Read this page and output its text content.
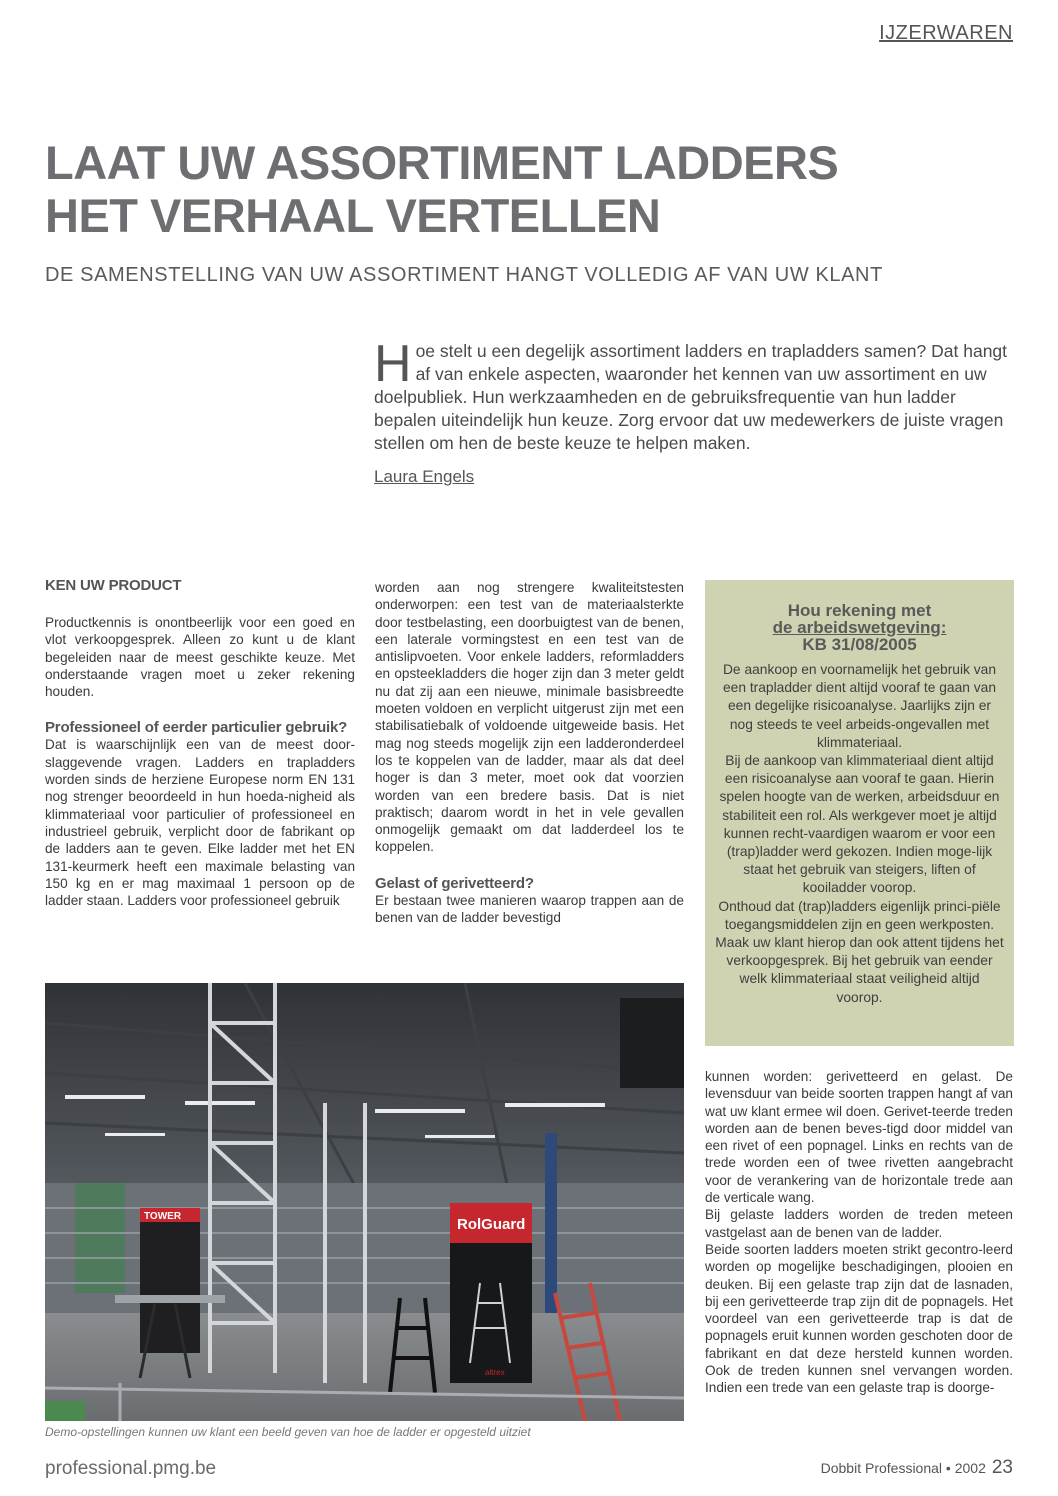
IJZERWAREN
LAAT UW ASSORTIMENT LADDERS
HET VERHAAL VERTELLEN
DE SAMENSTELLING VAN UW ASSORTIMENT HANGT VOLLEDIG AF VAN UW KLANT

Hoe stelt u een degelijk assortiment ladders en trapladders samen? Dat hangt af van enkele aspecten, waaronder het kennen van uw assortiment en uw doelpubliek. Hun werkzaamheden en de gebruiksfrequentie van hun ladder bepalen uiteindelijk hun keuze. Zorg ervoor dat uw medewerkers de juiste vragen stellen om hen de beste keuze te helpen maken.

Laura Engels
KEN UW PRODUCT

Productkennis is onontbeerlijk voor een goed en vlot verkoopgesprek. Alleen zo kunt u de klant begeleiden naar de meest geschikte keuze. Met onderstaande vragen moet u zeker rekening houden.

Professioneel of eerder particulier gebruik?

Dat is waarschijnlijk een van de meest door-slaggevende vragen. Ladders en trapladders worden sinds de herziene Europese norm EN 131 nog strenger beoordeeld in hun hoeda-nigheid als klimmateriaal voor particulier of professioneel en industrieel gebruik, verplicht door de fabrikant op de ladders aan te geven. Elke ladder met het EN 131-keurmerk heeft een maximale belasting van 150 kg en er mag maximaal 1 persoon op de ladder staan. Ladders voor professioneel gebruik

worden aan nog strengere kwaliteitstesten onderworpen: een test van de materiaalsterkte door testbelasting, een doorbuigtest van de benen, een laterale vormingstest en een test van de antislipvoeten. Voor enkele ladders, reformladders en opsteekladders die hoger zijn dan 3 meter geldt nu dat zij aan een nieuwe, minimale basisbreedte moeten voldoen en verplicht uitgerust zijn met een stabilisatiebalk of voldoende uitgeweide basis. Het mag nog steeds mogelijk zijn een ladderonderdeel los te koppelen van de ladder, maar als dat deel hoger is dan 3 meter, moet ook dat voorzien worden van een bredere basis. Dat is niet praktisch; daarom wordt in het in vele gevallen onmogelijk gemaakt om dat ladderdeel los te koppelen.

Gelast of gerivetteerd?

Er bestaan twee manieren waarop trappen aan de benen van de ladder bevestigd

Hou rekening met
de arbeidswetgeving:
KB 31/08/2005

De aankoop en voornamelijk het gebruik van een trapladder dient altijd vooraf te gaan van een degelijke risicoanalyse. Jaarlijks zijn er nog steeds te veel arbeids-ongevallen met klimmateriaal.

Bij de aankoop van klimmateriaal dient altijd een risicoanalyse aan vooraf te gaan. Hierin spelen hoogte van de werken, arbeidsduur en stabiliteit een rol. Als werkgever moet je altijd kunnen recht-vaardigen waarom er voor een (trap)ladder werd gekozen. Indien moge-lijk staat het gebruik van steigers, liften of kooiladder voorop.

Onthoud dat (trap)ladders eigenlijk princi-piële toegangsmiddelen zijn en geen werkposten. Maak uw klant hierop dan ook attent tijdens het verkoopgesprek. Bij het gebruik van eender welk klimmateriaal staat veiligheid altijd voorop.

TOWER	RolGuard
altrex
Demo-opstellingen kunnen uw klant een beeld geven van hoe de ladder er opgesteld uitziet

kunnen worden: gerivetteerd en gelast. De levensduur van beide soorten trappen hangt af van wat uw klant ermee wil doen. Gerivet-teerde treden worden aan de benen beves-tigd door middel van een rivet of een popnagel. Links en rechts van de trede worden een of twee rivetten aangebracht voor de verankering van de horizontale trede aan de verticale wang.

Bij gelaste ladders worden de treden meteen vastgelast aan de benen van de ladder.

Beide soorten ladders moeten strikt gecontro-leerd worden op mogelijke beschadigingen, plooien en deuken. Bij een gelaste trap zijn dat de lasnaden, bij een gerivetteerde trap zijn dit de popnagels. Het voordeel van een gerivetteerde trap is dat de popnagels eruit kunnen worden geschoten door de fabrikant en dat deze hersteld kunnen worden. Ook de treden kunnen snel vervangen worden. Indien een trede van een gelaste trap is doorge-

professional.pmg.be	Dobbit Professional • 2002 23
